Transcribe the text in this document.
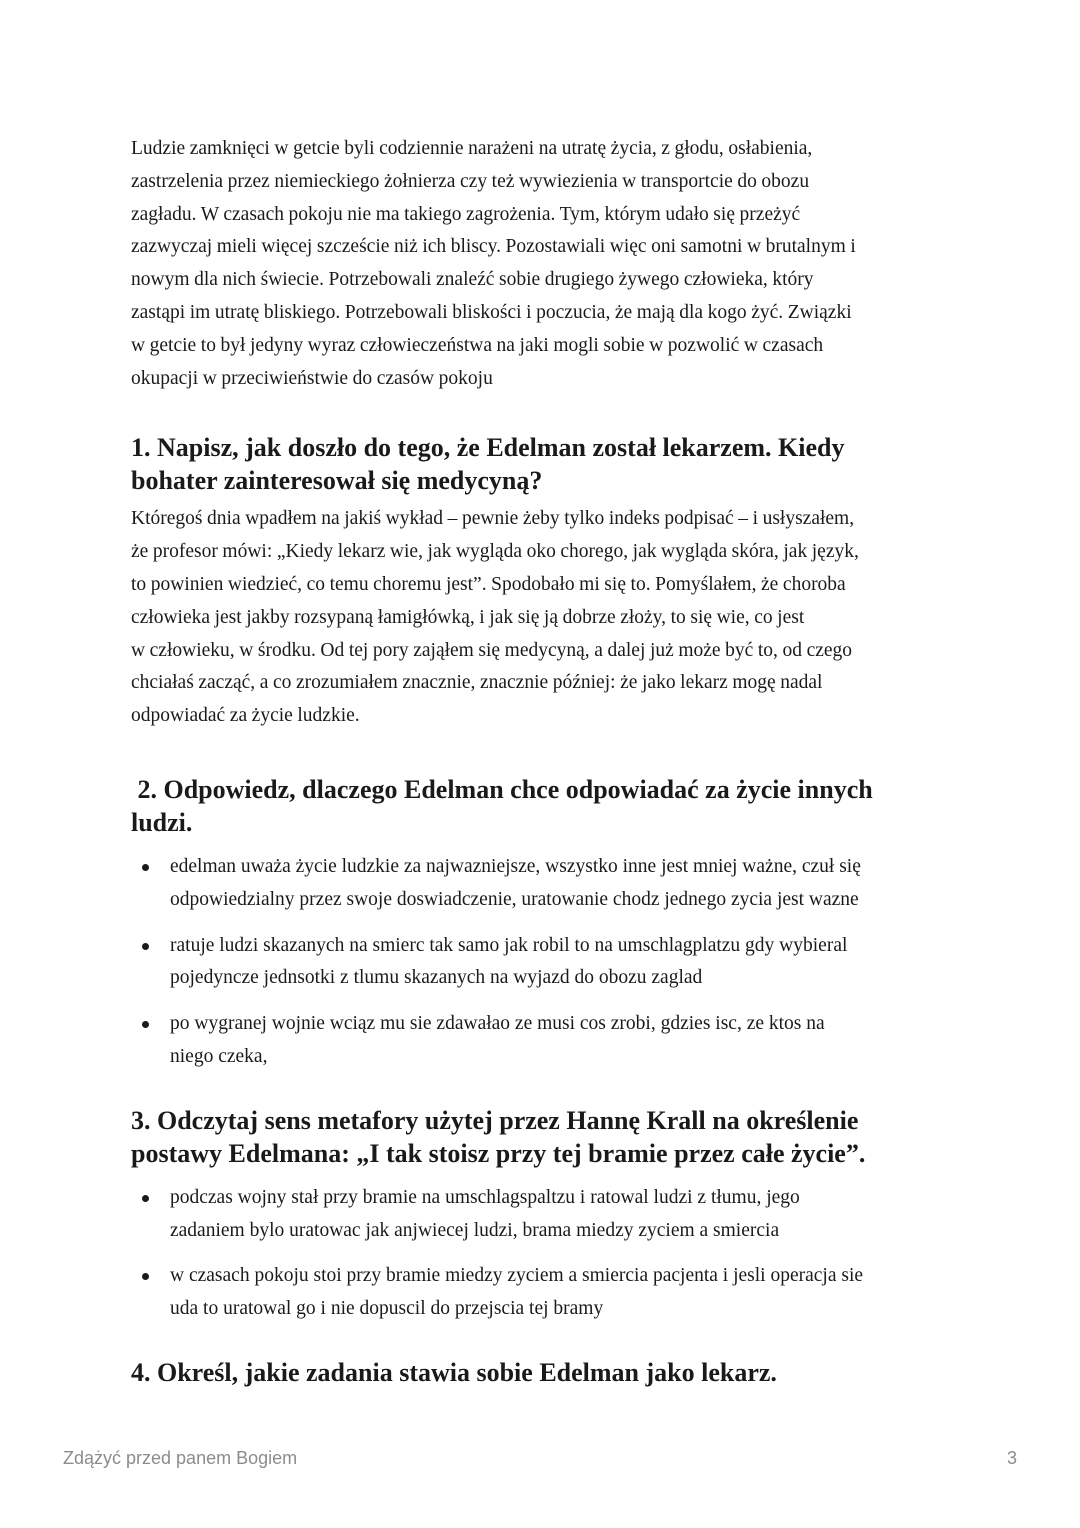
Ludzie zamknięci w getcie byli codziennie narażeni na utratę życia, z głodu, osłabienia,
zastrzelenia przez niemieckiego żołnierza czy też wywiezienia w transportcie do obozu
zagładu. W czasach pokoju nie ma takiego zagrożenia. Tym, którym udało się przeżyć
zazwyczaj mieli więcej szczeście niż ich bliscy. Pozostawiali więc oni samotni w brutalnym i
nowym dla nich świecie. Potrzebowali znaleźć sobie drugiego żywego człowieka, który
zastąpi im utratę bliskiego. Potrzebowali bliskości i poczucia, że mają dla kogo żyć. Związki
w getcie to był jedyny wyraz człowieczeństwa na jaki mogli sobie w pozwolić w czasach
okupacji w przeciwieństwie do czasów pokoju

1. Napisz, jak doszło do tego, że Edelman został lekarzem. Kiedy
bohater zainteresował się medycyną?

Któregoś dnia wpadłem na jakiś wykład – pewnie żeby tylko indeks podpisać – i usłyszałem,
że profesor mówi: „Kiedy lekarz wie, jak wygląda oko chorego, jak wygląda skóra, jak język,
to powinien wiedzieć, co temu choremu jest”. Spodobało mi się to. Pomyślałem, że choroba
człowieka jest jakby rozsypaną łamigłówką, i jak się ją dobrze złoży, to się wie, co jest
w człowieku, w środku. Od tej pory zająłem się medycyną, a dalej już może być to, od czego
chciałaś zacząć, a co zrozumiałem znacznie, znacznie później: że jako lekarz mogę nadal
odpowiadać za życie ludzkie.

2. Odpowiedz, dlaczego Edelman chce odpowiadać za życie innych
ludzi.
edelman uważa życie ludzkie za najwazniejsze, wszystko inne jest mniej ważne, czuł się
odpowiedzialny przez swoje doswiadczenie, uratowanie chodz jednego zycia jest wazne
ratuje ludzi skazanych na smierc tak samo jak robil to na umschlagplatzu gdy wybieral
pojedyncze jednsotki z tlumu skazanych na wyjazd do obozu zaglad
po wygranej wojnie wciąz mu sie zdawałao ze musi cos zrobi, gdzies isc, ze ktos na
niego czeka,
3. Odczytaj sens metafory użytej przez Hannę Krall na określenie
postawy Edelmana: „I tak stoisz przy tej bramie przez całe życie”.
podczas wojny stał przy bramie na umschlagspaltzu i ratowal ludzi z tłumu, jego
zadaniem bylo uratowac jak anjwiecej ludzi, brama miedzy zyciem a smiercia
w czasach pokoju stoi przy bramie miedzy zyciem a smiercia pacjenta i jesli operacja sie
uda to uratowal go i nie dopuscil do przejscia tej bramy
4. Określ, jakie zadania stawia sobie Edelman jako lekarz.
Zdążyć przed panem Bogiem	3
